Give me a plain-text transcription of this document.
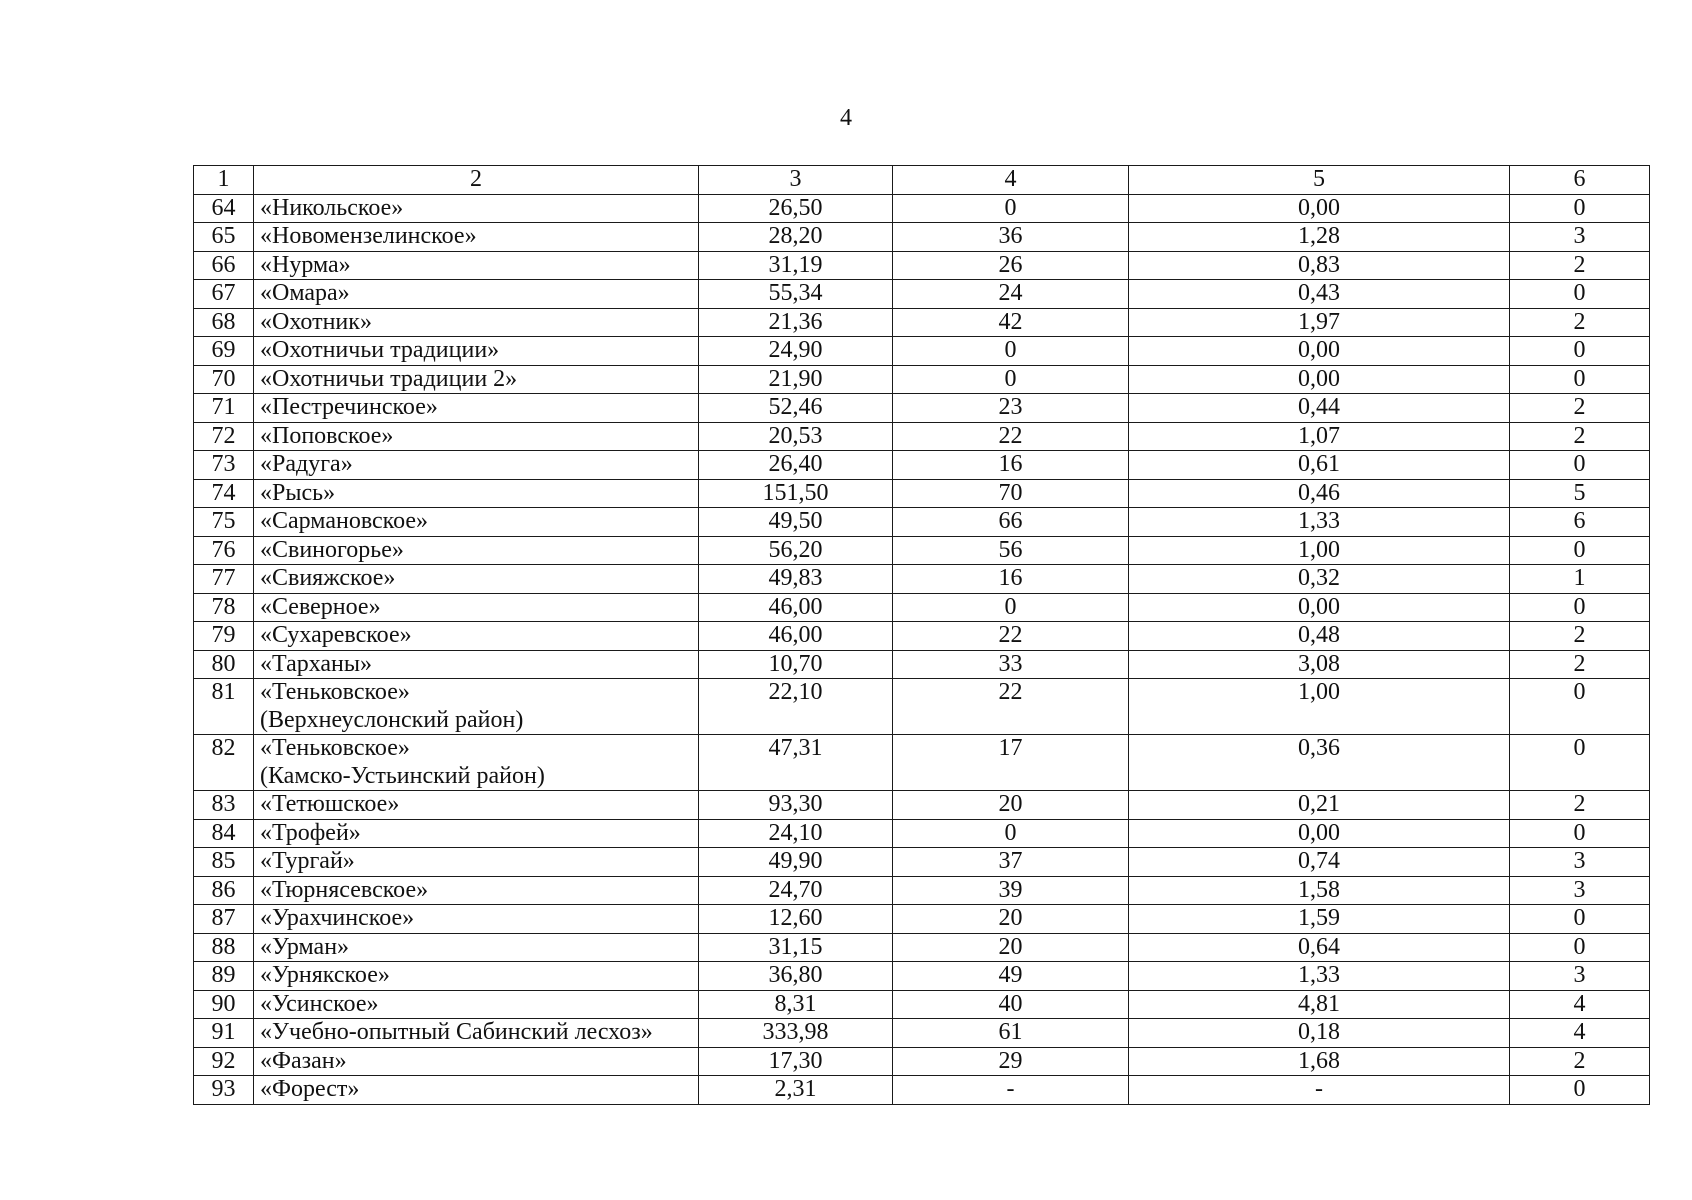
4
1	2	3	4	5	6
64	«Никольское»	26,50	0	0,00	0
65	«Новомензелинское»	28,20	36	1,28	3
66	«Нурма»	31,19	26	0,83	2
67	«Омара»	55,34	24	0,43	0
68	«Охотник»	21,36	42	1,97	2
69	«Охотничьи традиции»	24,90	0	0,00	0
70	«Охотничьи традиции 2»	21,90	0	0,00	0
71	«Пестречинское»	52,46	23	0,44	2
72	«Поповское»	20,53	22	1,07	2
73	«Радуга»	26,40	16	0,61	0
74	«Рысь»	151,50	70	0,46	5
75	«Сармановское»	49,50	66	1,33	6
76	«Свиногорье»	56,20	56	1,00	0
77	«Свияжское»	49,83	16	0,32	1
78	«Северное»	46,00	0	0,00	0
79	«Сухаревское»	46,00	22	0,48	2
80	«Тарханы»	10,70	33	3,08	2
81	«Теньковское»
(Верхнеуслонский район)	22,10	22	1,00	0
82	«Теньковское»
(Камско-Устьинский район)	47,31	17	0,36	0
83	«Тетюшское»	93,30	20	0,21	2
84	«Трофей»	24,10	0	0,00	0
85	«Тургай»	49,90	37	0,74	3
86	«Тюрнясевское»	24,70	39	1,58	3
87	«Урахчинское»	12,60	20	1,59	0
88	«Урман»	31,15	20	0,64	0
89	«Урнякское»	36,80	49	1,33	3
90	«Усинское»	8,31	40	4,81	4
91	«Учебно-опытный Сабинский лесхоз»	333,98	61	0,18	4
92	«Фазан»	17,30	29	1,68	2
93	«Форест»	2,31	-	-	0
